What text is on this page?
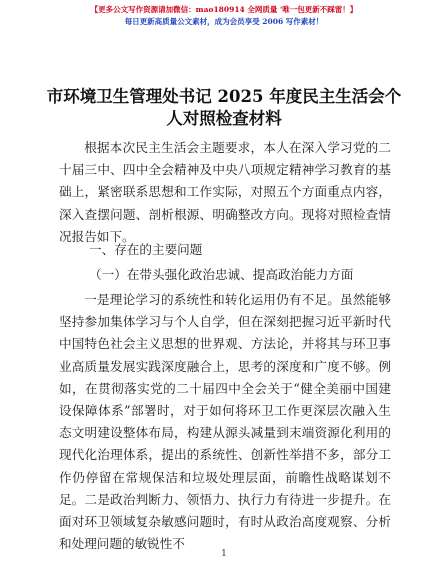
【更多公文写作资源请加微信：mao180914 全网质量 '唯一包更新不踩雷！】
每日更新高质量公文素材，成为会员享受 2006 写作素材！
市环境卫生管理处书记 2025 年度民主生活会个
人对照检查材料
根据本次民主生活会主题要求，本人在深入学习党的二十届三中、四中全会精神及中央八项规定精神学习教育的基础上，紧密联系思想和工作实际，对照五个方面重点内容，深入查摆问题、剖析根源、明确整改方向。现将对照检查情况报告如下。
一、存在的主要问题
（一）在带头强化政治忠诚、提高政治能力方面
一是理论学习的系统性和转化运用仍有不足。虽然能够坚持参加集体学习与个人自学，但在深刻把握习近平新时代中国特色社会主义思想的世界观、方法论，并将其与环卫事业高质量发展实践深度融合上，思考的深度和广度不够。例如，在贯彻落实党的二十届四中全会关于“健全美丽中国建设保障体系”部署时，对于如何将环卫工作更深层次融入生态文明建设整体布局，构建从源头减量到末端资源化利用的现代化治理体系，提出的系统性、创新性举措不多，部分工作仍停留在常规保洁和垃圾处理层面，前瞻性战略谋划不足。二是政治判断力、领悟力、执行力有待进一步提升。在面对环卫领域复杂敏感问题时，有时从政治高度观察、分析和处理问题的敏锐性不
1
